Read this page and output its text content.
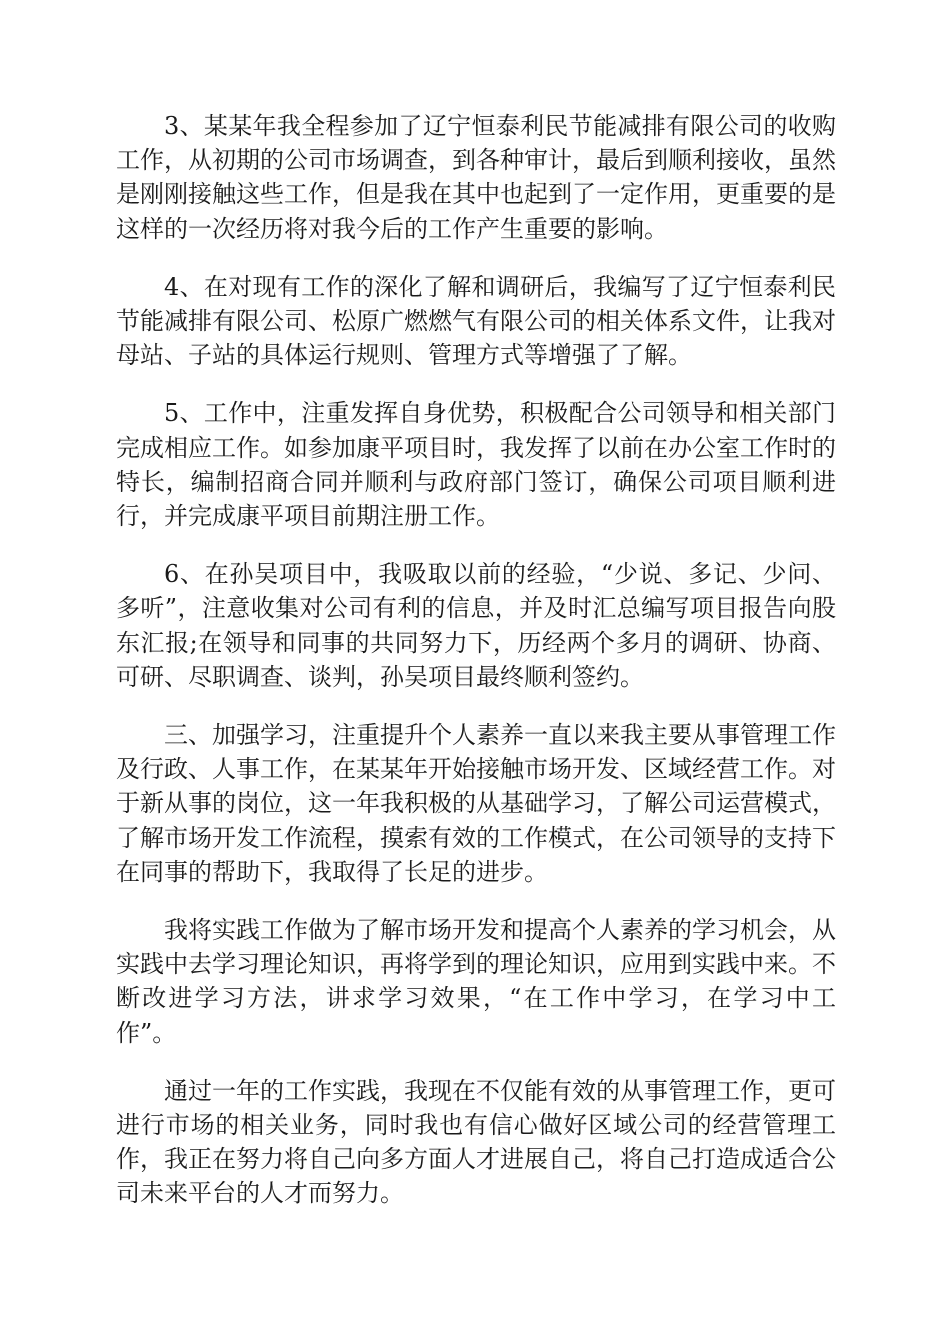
3、某某年我全程参加了辽宁恒泰利民节能减排有限公司的收购工作，从初期的公司市场调查，到各种审计，最后到顺利接收，虽然是刚刚接触这些工作，但是我在其中也起到了一定作用，更重要的是这样的一次经历将对我今后的工作产生重要的影响。

4、在对现有工作的深化了解和调研后，我编写了辽宁恒泰利民节能减排有限公司、松原广燃燃气有限公司的相关体系文件，让我对母站、子站的具体运行规则、管理方式等增强了了解。

5、工作中，注重发挥自身优势，积极配合公司领导和相关部门完成相应工作。如参加康平项目时，我发挥了以前在办公室工作时的特长，编制招商合同并顺利与政府部门签订，确保公司项目顺利进行，并完成康平项目前期注册工作。

6、在孙吴项目中，我吸取以前的经验，“少说、多记、少问、多听”，注意收集对公司有利的信息，并及时汇总编写项目报告向股东汇报;在领导和同事的共同努力下，历经两个多月的调研、协商、可研、尽职调查、谈判，孙吴项目最终顺利签约。

三、加强学习，注重提升个人素养一直以来我主要从事管理工作及行政、人事工作，在某某年开始接触市场开发、区域经营工作。对于新从事的岗位，这一年我积极的从基础学习，了解公司运营模式，了解市场开发工作流程，摸索有效的工作模式，在公司领导的支持下在同事的帮助下，我取得了长足的进步。

我将实践工作做为了解市场开发和提高个人素养的学习机会，从实践中去学习理论知识，再将学到的理论知识，应用到实践中来。不断改进学习方法，讲求学习效果，“在工作中学习，在学习中工作”。

通过一年的工作实践，我现在不仅能有效的从事管理工作，更可进行市场的相关业务，同时我也有信心做好区域公司的经营管理工作，我正在努力将自己向多方面人才进展自己，将自己打造成适合公司未来平台的人才而努力。
